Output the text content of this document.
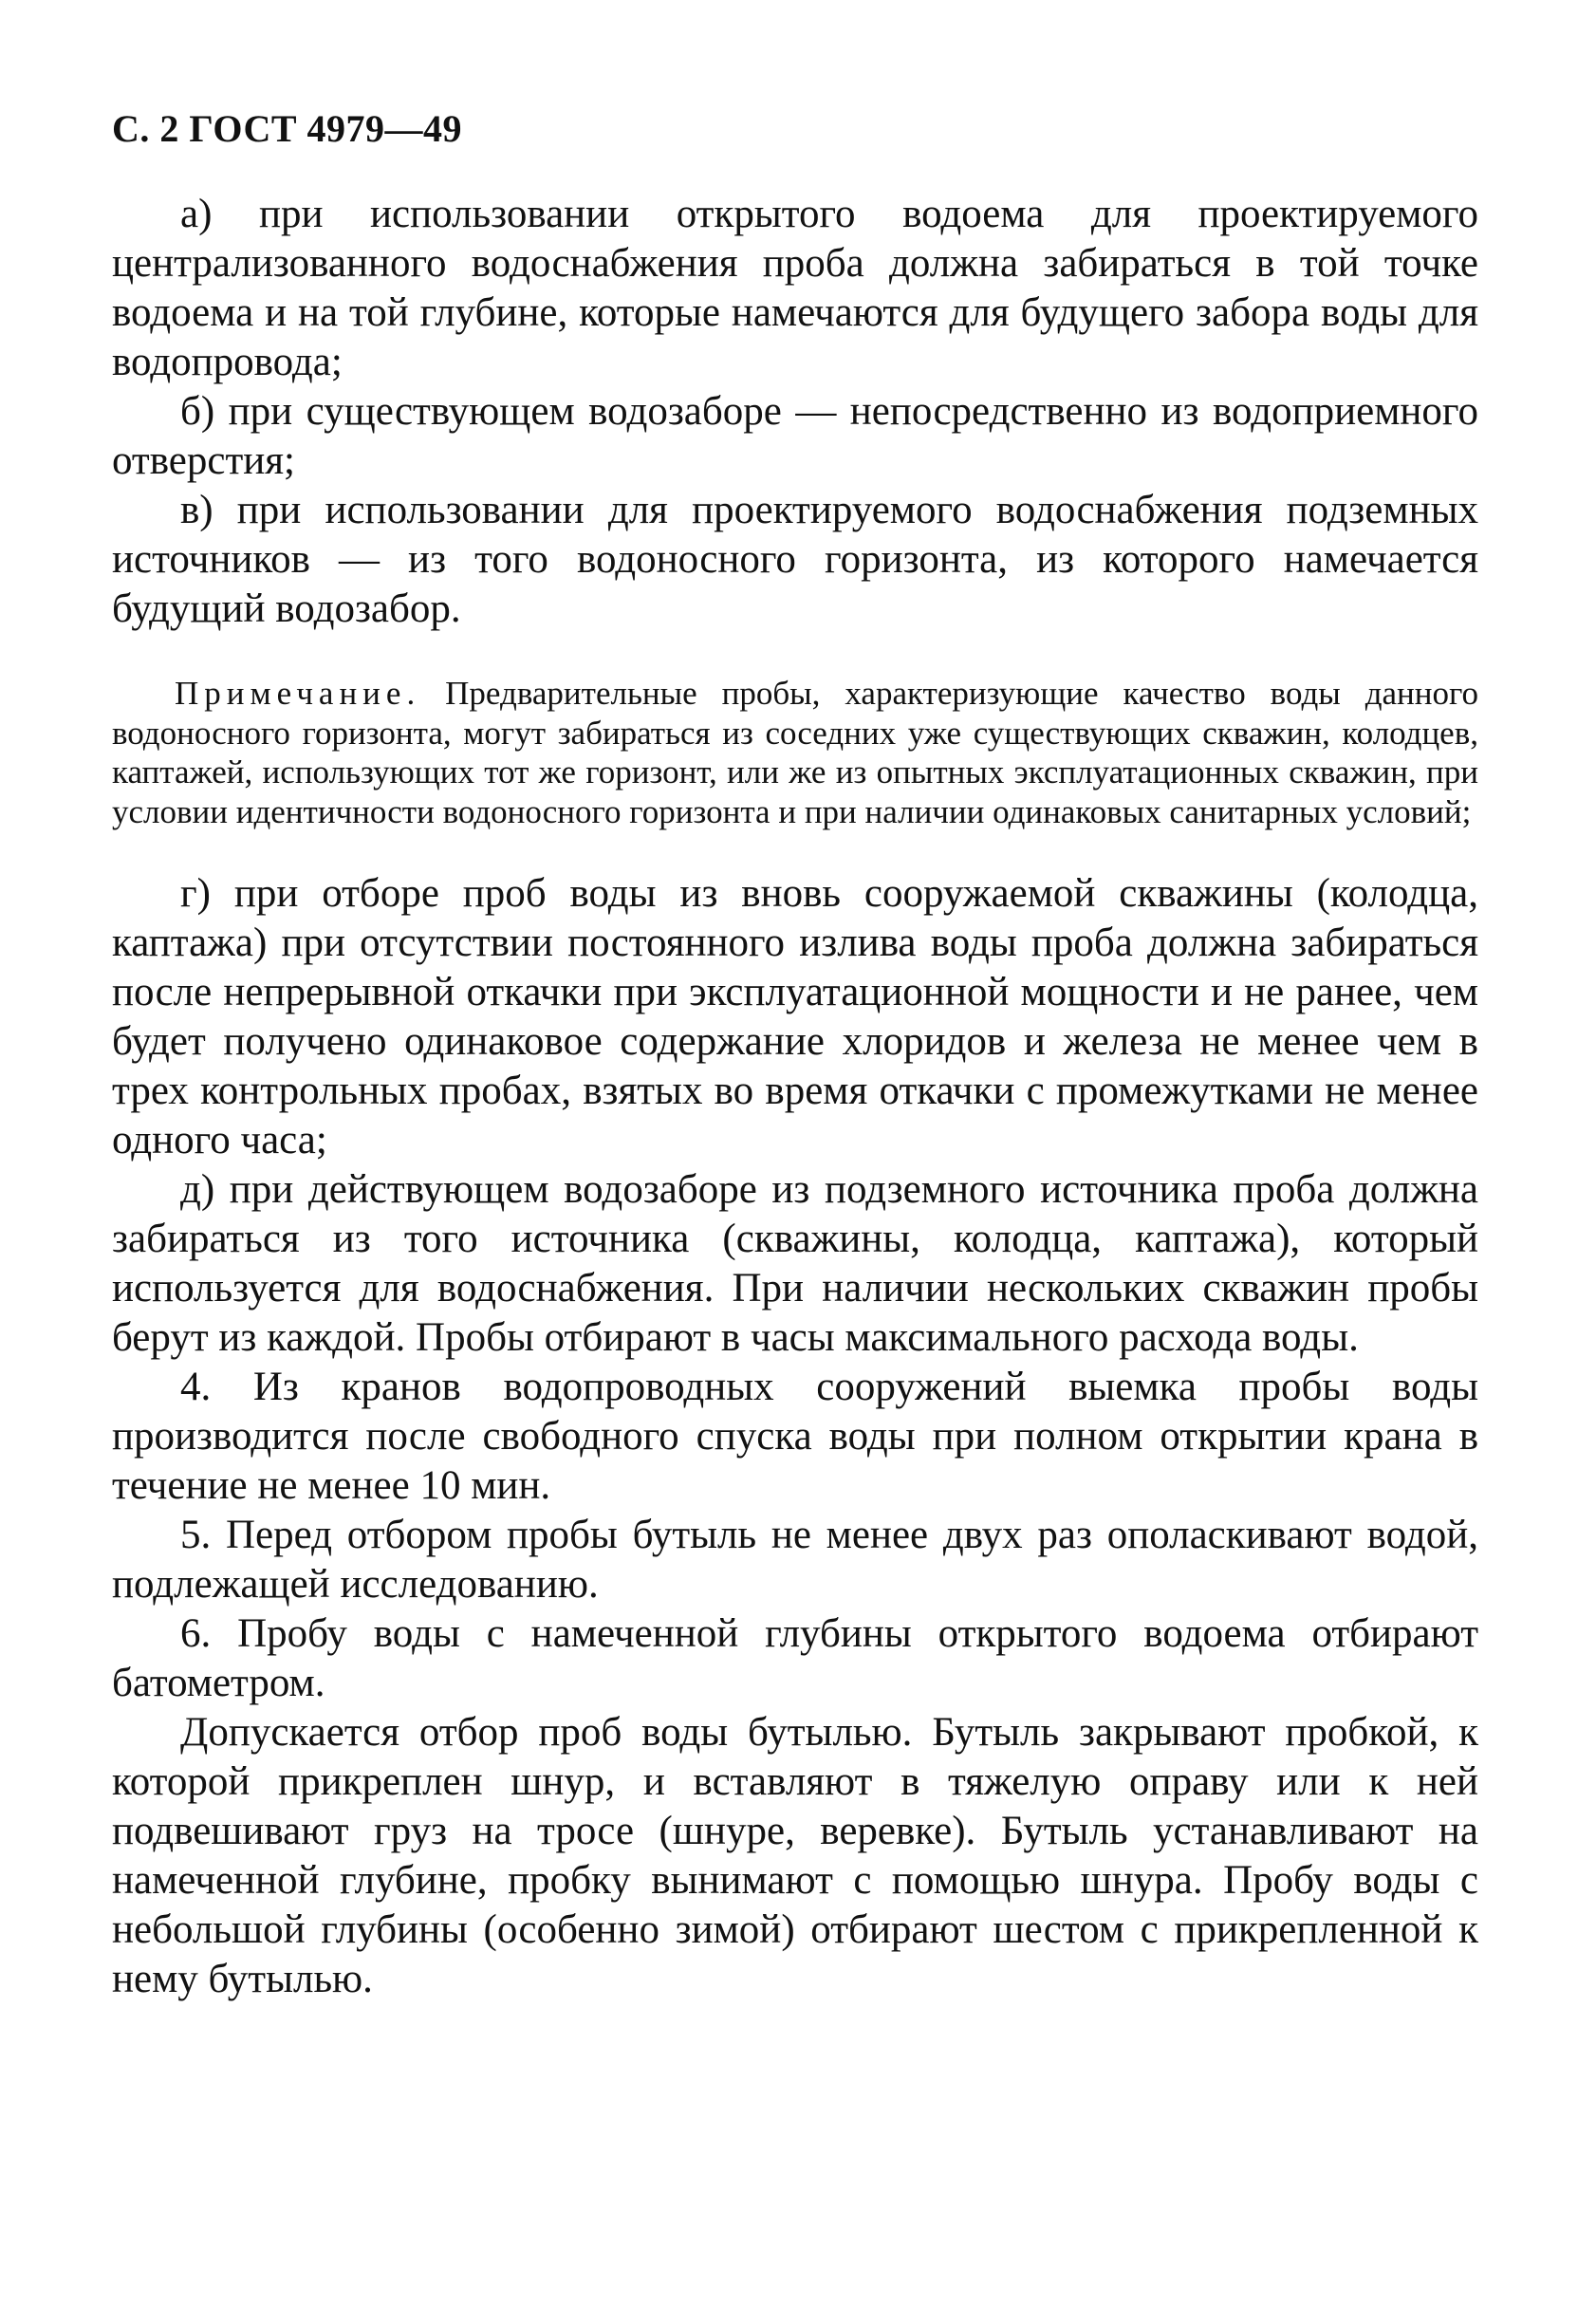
С. 2 ГОСТ 4979—49

а) при использовании открытого водоема для проектируемого централизованного водоснабжения проба должна забираться в той точке водоема и на той глубине, которые намечаются для будущего забора воды для водопровода;

б) при существующем водозаборе — непосредственно из водоприемного отверстия;

в) при использовании для проектируемого водоснабжения подземных источников — из того водоносного горизонта, из которого намечается будущий водозабор.

Примечание. Предварительные пробы, характеризующие качество воды данного водоносного горизонта, могут забираться из соседних уже существующих скважин, колодцев, каптажей, использующих тот же горизонт, или же из опытных эксплуатационных скважин, при условии идентичности водоносного горизонта и при наличии одинаковых санитарных условий;

г) при отборе проб воды из вновь сооружаемой скважины (колодца, каптажа) при отсутствии постоянного излива воды проба должна забираться после непрерывной откачки при эксплуатационной мощности и не ранее, чем будет получено одинаковое содержание хлоридов и железа не менее чем в трех контрольных пробах, взятых во время откачки с промежутками не менее одного часа;

д) при действующем водозаборе из подземного источника проба должна забираться из того источника (скважины, колодца, каптажа), который используется для водоснабжения. При наличии нескольких скважин пробы берут из каждой. Пробы отбирают в часы максимального расхода воды.

4. Из кранов водопроводных сооружений выемка пробы воды производится после свободного спуска воды при полном открытии крана в течение не менее 10 мин.

5. Перед отбором пробы бутыль не менее двух раз ополаскивают водой, подлежащей исследованию.

6. Пробу воды с намеченной глубины открытого водоема отбирают батометром.

Допускается отбор проб воды бутылью. Бутыль закрывают пробкой, к которой прикреплен шнур, и вставляют в тяжелую оправу или к ней подвешивают груз на тросе (шнуре, веревке). Бутыль устанавливают на намеченной глубине, пробку вынимают с помощью шнура. Пробу воды с небольшой глубины (особенно зимой) отбирают шестом с прикрепленной к нему бутылью.
